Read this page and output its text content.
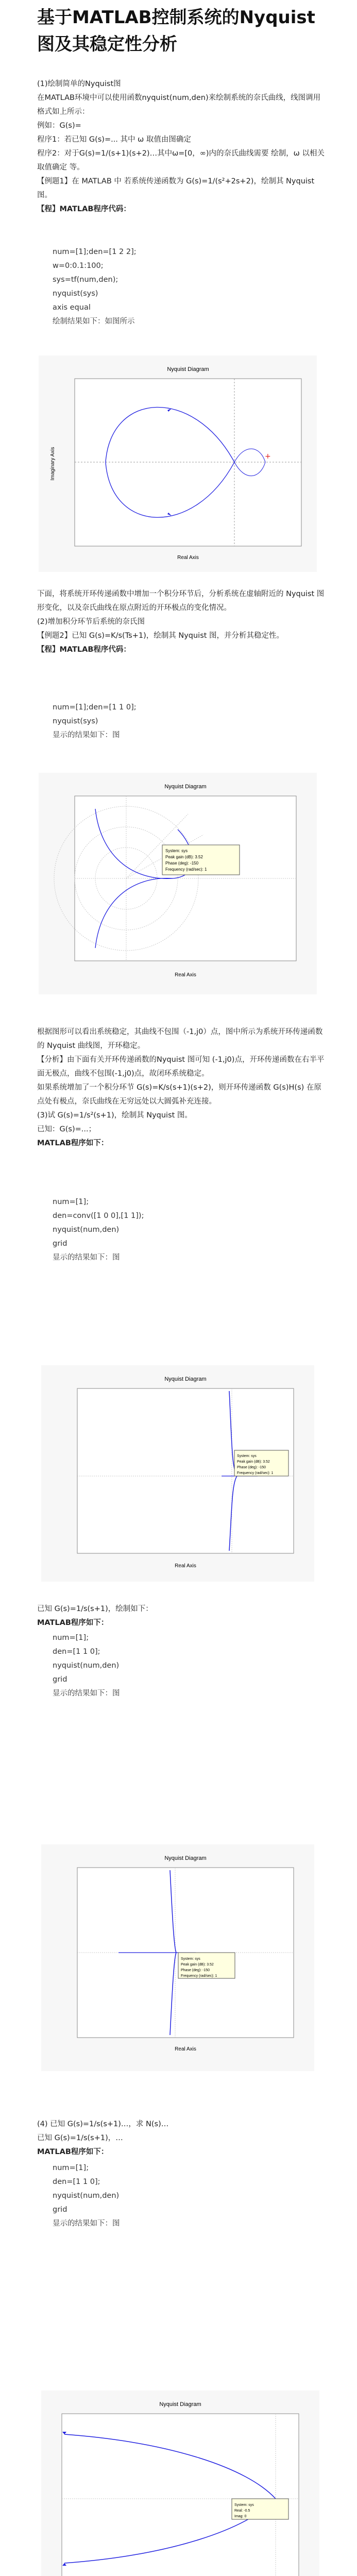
基于MATLAB控制系统的Nyquist图及其稳定性分析

(1)绘制简单的Nyquist图

在MATLAB环境中可以使用函数nyquist(num,den)来绘制系统的奈氏曲线，线图调用格式如上所示：

例如：G(s)=

程序1：若已知 G(s)=... 其中 ω 取值由图确定

程序2：对于G(s)=1/(s+1)(s+2)…其中ω=[0，∞)内的奈氏曲线需要 绘制，ω 以相关取值确定 等。

【例题1】在 MATLAB 中 若系统传递函数为 G(s)=1/(s²+2s+2)，绘制其 Nyquist 图。

【程】MATLAB程序代码：

num=[1];den=[1 2 2];

w=0:0.1:100;

sys=tf(num,den);

nyquist(sys)

axis equal

绘制结果如下：如图所示

Nyquist Diagram
Real Axis
Imaginary Axis	+

下面，将系统开环传递函数中增加一个积分环节后，分析系统在虚轴附近的 Nyquist 图形变化，以及奈氏曲线在原点附近的开环极点的变化情况。

(2)增加积分环节后系统的奈氏图

【例题2】已知 G(s)=K/s(Ts+1)，绘制其 Nyquist 图，并分析其稳定性。

【程】MATLAB程序代码：

num=[1];den=[1 1 0];

nyquist(sys)

显示的结果如下：图

Nyquist Diagram
Real Axis
System: sys
Peak gain (dB): 3.52
Phase (deg): -150
Frequency (rad/sec): 1

根据图形可以看出系统稳定，其曲线不包围（-1,j0）点，图中所示为系统开环传递函数的 Nyquist 曲线图，开环稳定。

【分析】由下面有关开环传递函数的Nyquist 图可知 (-1,j0)点，开环传递函数在右半平面无极点，曲线不包围(-1,j0)点，故闭环系统稳定。

如果系统增加了一个积分环节 G(s)=K/s(s+1)(s+2)，则开环传递函数 G(s)H(s) 在原点处有极点，奈氏曲线在无穷远处以大圆弧补充连接。

(3)试 G(s)=1/s²(s+1)，绘制其 Nyquist 图。

已知：G(s)=...；

MATLAB程序如下：

num=[1];

den=conv([1 0 0],[1 1]);

nyquist(num,den)

grid

显示的结果如下：图

Nyquist Diagram
Real Axis
System: sys
Peak gain (dB): 3.52
Phase (deg): -150
Frequency (rad/sec): 1

已知 G(s)=1/s(s+1)，绘制如下：

MATLAB程序如下：

num=[1];

den=[1 1 0];

nyquist(num,den)

grid

显示的结果如下：图

Nyquist Diagram
Real Axis
System: sys
Peak gain (dB): 3.52
Phase (deg): -150
Frequency (rad/sec): 1

(4) 已知 G(s)=1/s(s+1)…，求 N(s)…

已知 G(s)=1/s(s+1)，…

MATLAB程序如下：

num=[1];

den=[1 1 0];

nyquist(num,den)

grid

显示的结果如下：图

Nyquist Diagram
System: sys
Real: -0.5
Imag: 0
